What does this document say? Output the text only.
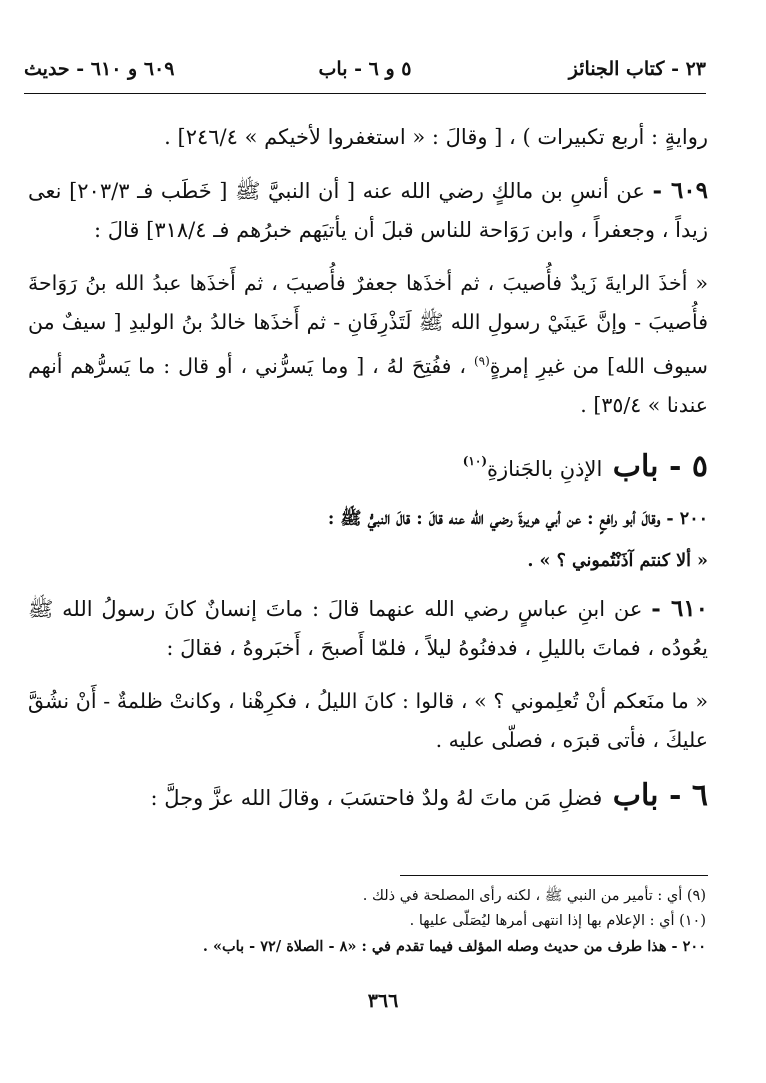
٢٣ - كتاب الجنائز
٥ و ٦ - باب
٦٠٩ و ٦١٠ - حديث

روايةٍ : أربع تكبيرات ) ، [ وقالَ : « استغفروا لأخيكم » ٢٤٦/٤] .

٦٠٩ - عن أنسِ بن مالكٍ رضي الله عنه [ أن النبيَّ ﷺ [ خَطَب فـ ٢٠٣/٣] نعى زيداً ، وجعفراً ، وابن رَوَاحة للناس قبلَ أن يأتيَهم خبرُهم فـ ٣١٨/٤] قالَ :

« أخذَ الرايةَ زَيدٌ فأُصيبَ ، ثم أخذَها جعفرٌ فأُصيبَ ، ثم أَخذَها عبدُ الله بنُ رَوَاحةَ فأُصيبَ - وإنَّ عَينَيْ رسولِ الله ﷺ لَتَذْرِفَانِ - ثم أَخذَها خالدُ بنُ الوليدِ [ سيفٌ من سيوف الله] من غيرِ إمرةٍ$^{(٩)}$ ، ففُتِحَ لهُ ، [ وما يَسرُّني ، أو قال : ما يَسرُّهم أنهم عندنا » ٣٥/٤] .

٥ - باب الإذنِ بالجَنازةِ$^{(١٠)}$

٢٠٠ - وقالَ أبو رافعٍ : عن أبي هريرةَ رضي الله عنه قالَ : قالَ النبيُّ ﷺ :

« ألا كنتم آذَنْتُموني ؟ » .

٦١٠ - عن ابنِ عباسٍ رضي الله عنهما قالَ : ماتَ إنسانٌ كانَ رسولُ الله ﷺ يعُودُه ، فماتَ بالليلِ ، فدفنُوهُ ليلاً ، فلمّا أَصبحَ ، أَخبَروهُ ، فقالَ :

« ما منَعكم أنْ تُعلِموني ؟ » ، قالوا : كانَ الليلُ ، فكرِهْنا ، وكانتْ ظلمةٌ - أَنْ نشُقَّ عليكَ ، فأتى قبرَه ، فصلّى عليه .

٦ - باب فضلِ مَن ماتَ لهُ ولدٌ فاحتسَبَ ، وقالَ الله عزَّ وجلَّ :
(٩) أي : تأمير من النبي ﷺ ، لكنه رأى المصلحة في ذلك .
(١٠) أي : الإعلام بها إذا انتهى أمرها ليُصَلّى عليها .
٢٠٠ - هذا طرف من حديث وصله المؤلف فيما تقدم في : «٨ - الصلاة /٧٢ - باب» .
٣٦٦
